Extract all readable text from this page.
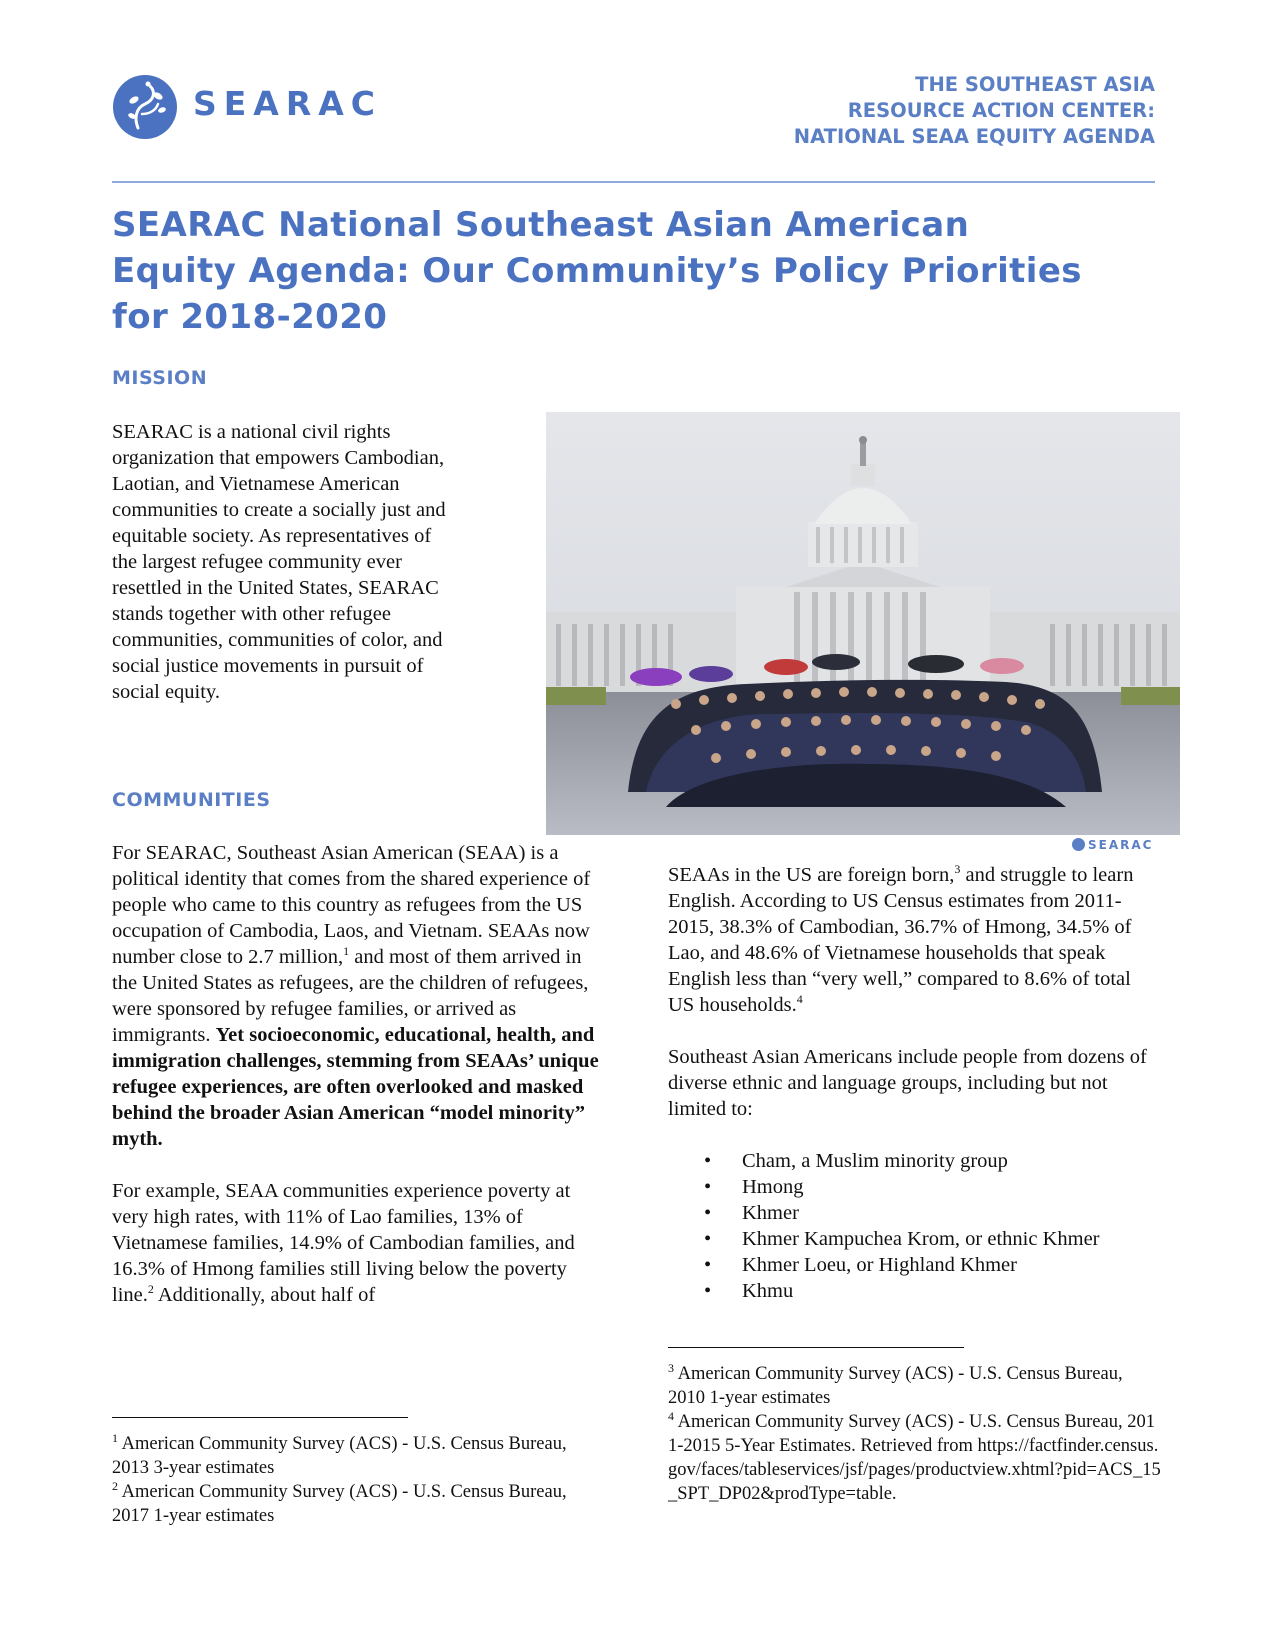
SEARAC	THE SOUTHEAST ASIA
RESOURCE ACTION CENTER:
NATIONAL SEAA EQUITY AGENDA
SEARAC National Southeast Asian American
Equity Agenda: Our Community’s Policy Priorities
for 2018-2020
MISSION
SEARAC is a national civil rights organization that empowers Cambodian, Laotian, and Vietnamese American communities to create a socially just and equitable society. As representatives of the largest refugee community ever resettled in the United States, SEARAC stands together with other refugee communities, communities of color, and social justice movements in pursuit of social equity.
SEARAC
COMMUNITIES

For SEARAC, Southeast Asian American (SEAA) is a political identity that comes from the shared experience of people who came to this country as refugees from the US occupation of Cambodia, Laos, and Vietnam. SEAAs now number close to 2.7 million,$^1$ and most of them arrived in the United States as refugees, are the children of refugees, were sponsored by refugee families, or arrived as immigrants. Yet socioeconomic, educational, health, and immigration challenges, stemming from SEAAs’ unique refugee experiences, are often overlooked and masked behind the broader Asian American “model minority” myth.

For example, SEAA communities experience poverty at very high rates, with 11% of Lao families, 13% of Vietnamese families, 14.9% of Cambodian families, and 16.3% of Hmong families still living below the poverty line.$^2$ Additionally, about half of

SEAAs in the US are foreign born,$^3$ and struggle to learn English. According to US Census estimates from 2011-2015, 38.3% of Cambodian, 36.7% of Hmong, 34.5% of Lao, and 48.6% of Vietnamese households that speak English less than “very well,” compared to 8.6% of total US households.$^4$

Southeast Asian Americans include people from dozens of diverse ethnic and language groups, including but not limited to:

• Cham, a Muslim minority group
• Hmong
• Khmer
• Khmer Kampuchea Krom, or ethnic Khmer
• Khmer Loeu, or Highland Khmer
• Khmu

$^1$ American Community Survey (ACS) - U.S. Census Bureau, 2013 3-year estimates

$^2$ American Community Survey (ACS) - U.S. Census Bureau, 2017 1-year estimates

$^3$ American Community Survey (ACS) - U.S. Census Bureau, 2010 1-year estimates

$^4$ American Community Survey (ACS) - U.S. Census Bureau, 2011-2015 5-Year Estimates. Retrieved from https://factfinder.census.gov/faces/tableservices/jsf/pages/productview.xhtml?pid=ACS_15_SPT_DP02&prodType=table.
